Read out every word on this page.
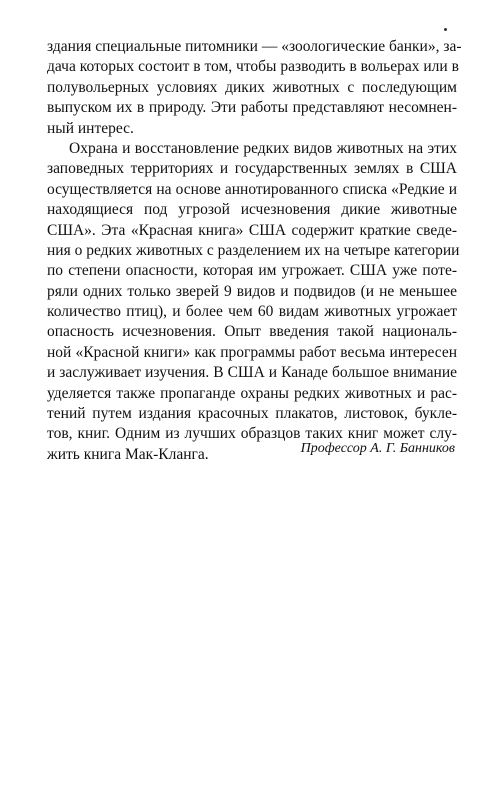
здания специальные питомники — «зоологические банки», за-
дача которых состоит в том, чтобы разводить в вольерах или в
полувольерных условиях диких животных с последующим
выпуском их в природу. Эти работы представляют несомнен-
ный интерес.
Охрана и восстановление редких видов животных на этих
заповедных территориях и государственных землях в США
осуществляется на основе аннотированного списка «Редкие и
находящиеся под угрозой исчезновения дикие животные
США». Эта «Красная книга» США содержит краткие сведе-
ния о редких животных с разделением их на четыре категории
по степени опасности, которая им угрожает. США уже поте-
ряли одних только зверей 9 видов и подвидов (и не меньшее
количество птиц), и более чем 60 видам животных угрожает
опасность исчезновения. Опыт введения такой националь-
ной «Красной книги» как программы работ весьма интересен
и заслуживает изучения. В США и Канаде большое внимание
уделяется также пропаганде охраны редких животных и рас-
тений путем издания красочных плакатов, листовок, буклe-
тов, книг. Одним из лучших образцов таких книг может слу-
жить книга Мак-Кланга.	Профессор А. Г. Банников
